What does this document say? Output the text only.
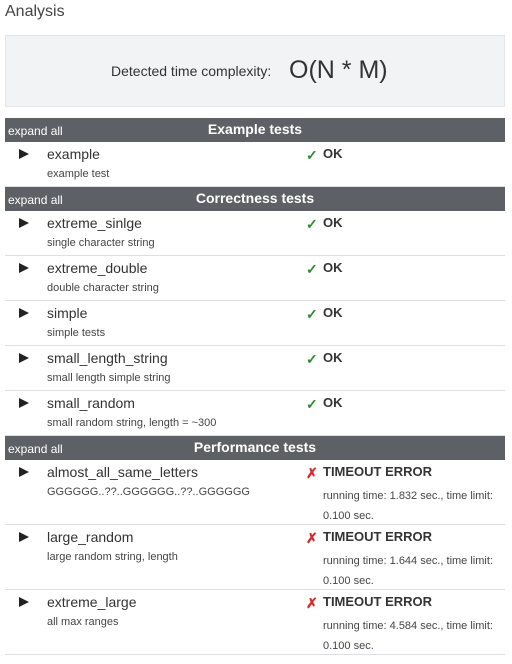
Analysis
Detected time complexity: O(N * M)
expand all	Example tests
example
example test
✓ OK
expand all	Correctness tests
extreme_sinlge
single character string
✓ OK
extreme_double
double character string
✓ OK
simple
simple tests
✓ OK
small_length_string
small length simple string
✓ OK
small_random
small random string, length = ~300
✓ OK
expand all	Performance tests
almost_all_same_letters
GGGGGG..??..GGGGGG..??..GGGGGG
✗ TIMEOUT ERROR
running time: 1.832 sec., time limit: 0.100 sec.
large_random
large random string, length
✗ TIMEOUT ERROR
running time: 1.644 sec., time limit: 0.100 sec.
extreme_large
all max ranges
✗ TIMEOUT ERROR
running time: 4.584 sec., time limit: 0.100 sec.
